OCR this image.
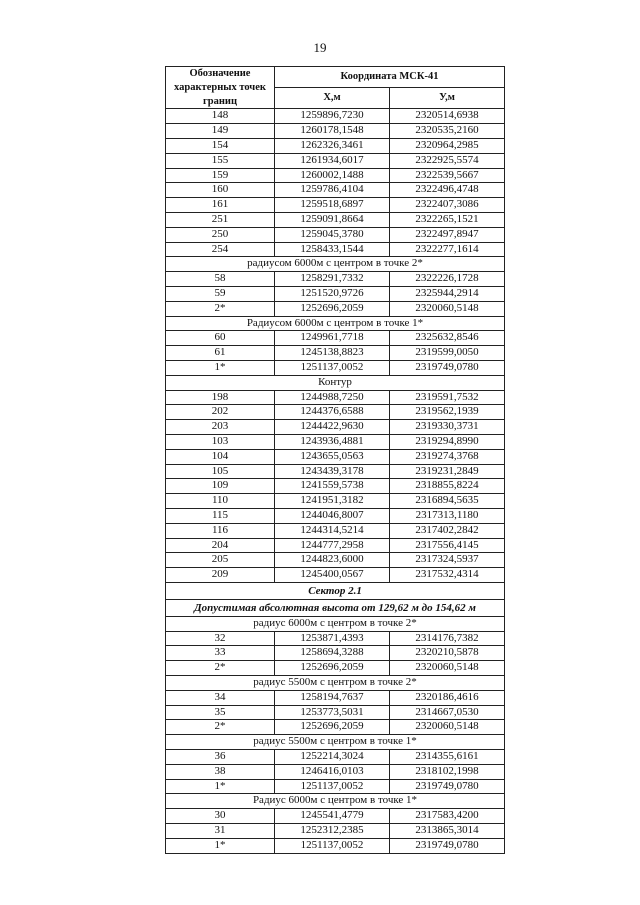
19
Обозначение характерных точек границ	Координата МСК-41	
	X,м	У,м
148	1259896,7230	2320514,6938
149	1260178,1548	2320535,2160
154	1262326,3461	2320964,2985
155	1261934,6017	2322925,5574
159	1260002,1488	2322539,5667
160	1259786,4104	2322496,4748
161	1259518,6897	2322407,3086
251	1259091,8664	2322265,1521
250	1259045,3780	2322497,8947
254	1258433,1544	2322277,1614
радиусом 6000м с центром в точке 2*		
58	1258291,7332	2322226,1728
59	1251520,9726	2325944,2914
2*	1252696,2059	2320060,5148
Радиусом 6000м с центром в точке 1*		
60	1249961,7718	2325632,8546
61	1245138,8823	2319599,0050
1*	1251137,0052	2319749,0780
Контур		
198	1244988,7250	2319591,7532
202	1244376,6588	2319562,1939
203	1244422,9630	2319330,3731
103	1243936,4881	2319294,8990
104	1243655,0563	2319274,3768
105	1243439,3178	2319231,2849
109	1241559,5738	2318855,8224
110	1241951,3182	2316894,5635
115	1244046,8007	2317313,1180
116	1244314,5214	2317402,2842
204	1244777,2958	2317556,4145
205	1244823,6000	2317324,5937
209	1245400,0567	2317532,4314
Сектор 2.1		
Допустимая абсолютная высота от 129,62 м до 154,62 м		
радиус 6000м с центром в точке 2*		
32	1253871,4393	2314176,7382
33	1258694,3288	2320210,5878
2*	1252696,2059	2320060,5148
радиус 5500м с центром в точке 2*		
34	1258194,7637	2320186,4616
35	1253773,5031	2314667,0530
2*	1252696,2059	2320060,5148
радиус 5500м с центром в точке 1*		
36	1252214,3024	2314355,6161
38	1246416,0103	2318102,1998
1*	1251137,0052	2319749,0780
Радиус 6000м с центром в точке 1*		
30	1245541,4779	2317583,4200
31	1252312,2385	2313865,3014
1*	1251137,0052	2319749,0780
